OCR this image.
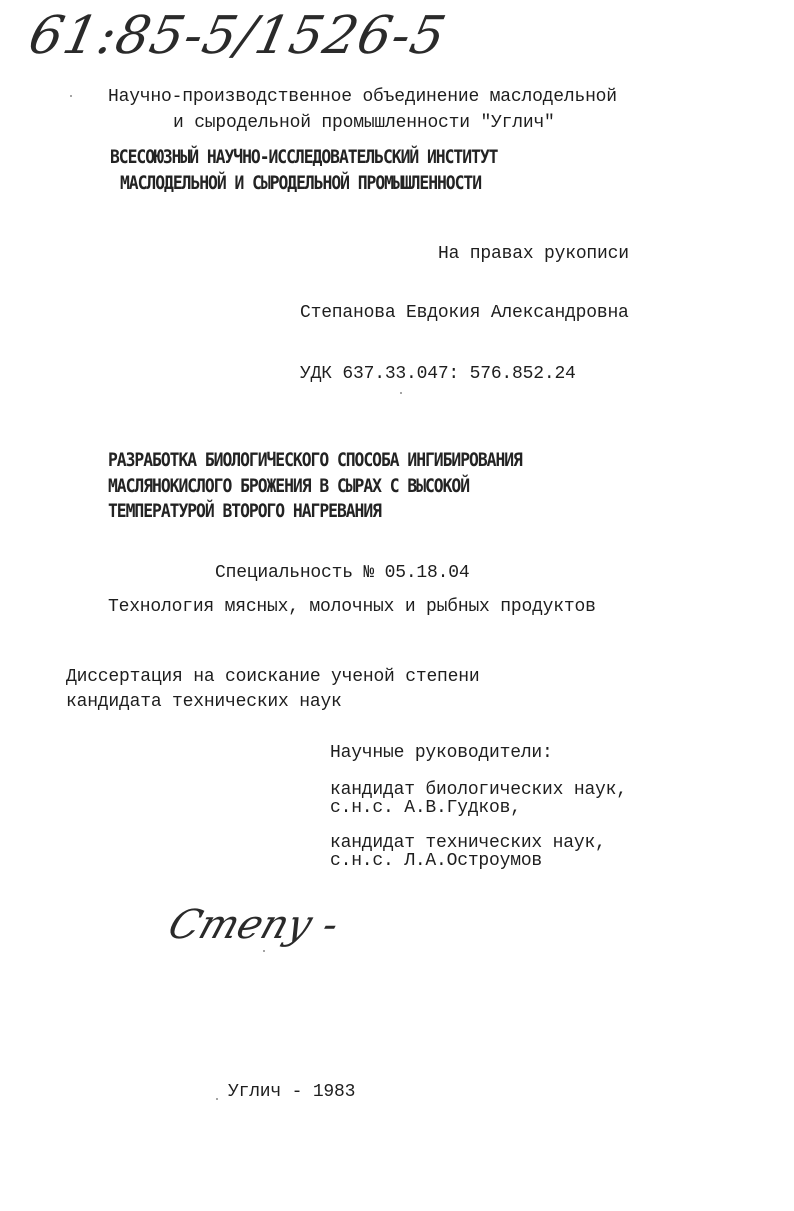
61:85-5/1526-5
Научно-производственное объединение маслодельной
и сыродельной промышленности "Углич"
ВСЕСОЮЗНЫЙ НАУЧНО-ИССЛЕДОВАТЕЛЬСКИЙ ИНСТИТУТ
МАСЛОДЕЛЬНОЙ И СЫРОДЕЛЬНОЙ ПРОМЫШЛЕННОСТИ
На правах рукописи
Степанова Евдокия Александровна
УДК 637.33.047: 576.852.24
РАЗРАБОТКА БИОЛОГИЧЕСКОГО СПОСОБА ИНГИБИРОВАНИЯ
МАСЛЯНОКИСЛОГО БРОЖЕНИЯ В СЫРАХ С ВЫСОКОЙ
ТЕМПЕРАТУРОЙ ВТОРОГО НАГРЕВАНИЯ
Специальность № 05.18.04
Технология мясных, молочных и рыбных продуктов
Диссертация на соискание ученой степени
кандидата технических наук
Научные руководители:
кандидат биологических наук,
с.н.с. А.В.Гудков,
кандидат технических наук,
с.н.с. Л.А.Остроумов
Степу -
Углич - 1983
